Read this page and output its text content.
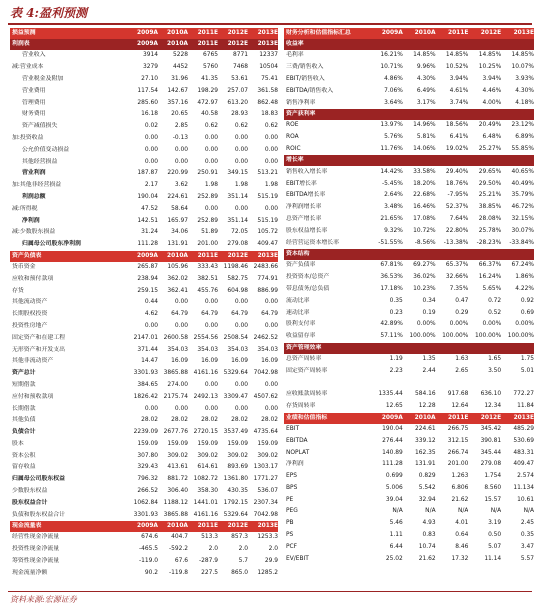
表 4:盈利预测
损益预测	2009A	2010A	2011E	2012E	2013E
利润表	2009A	2010A	2011E	2012E	2013E
营业收入	3914	5228	6765	8771	12337
减:营业成本	3279	4452	5760	7468	10504
营业税金及附加	27.10	31.96	41.35	53.61	75.41
营业费用	117.54	142.67	198.29	257.07	361.58
管理费用	285.60	357.16	472.97	613.20	862.48
财务费用	16.18	20.65	40.58	28.93	18.83
资产减值损失	0.02	2.85	0.62	0.62	0.62
加:投资收益	0.00	-0.13	0.00	0.00	0.00
公允价值变动损益	0.00	0.00	0.00	0.00	0.00
其他经营损益	0.00	0.00	0.00	0.00	0.00
营业利润	187.87	220.99	250.91	349.15	513.21
加:其他非经营损益	2.17	3.62	1.98	1.98	1.98
利润总额	190.04	224.61	252.89	351.14	515.19
减:所得税	47.52	58.64	0.00	0.00	0.00
净利润	142.51	165.97	252.89	351.14	515.19
减:少数股东损益	31.24	34.06	51.89	72.05	105.72
归属母公司股东净利润	111.28	131.91	201.00	279.08	409.47
资产负债表	2009A	2010A	2011E	2012E	2013E
货币资金	265.87	105.96	333.43	1198.46	2483.66
应收和预付款项	238.94	362.02	382.51	582.75	774.91
存货	259.15	362.41	455.76	604.98	886.99
其他流动资产	0.44	0.00	0.00	0.00	0.00
长期股权投资	4.62	64.79	64.79	64.79	64.79
投资性房地产	0.00	0.00	0.00	0.00	0.00
固定资产和在建工程	2147.01	2600.58	2554.56	2508.54	2462.52
无形资产和开发支出	371.44	354.03	354.03	354.03	354.03
其他非流动资产	14.47	16.09	16.09	16.09	16.09
资产总计	3301.93	3865.88	4161.16	5329.64	7042.98
短期借款	384.65	274.00	0.00	0.00	0.00
应付和预收款项	1826.42	2175.74	2492.13	3309.47	4507.62
长期借款	0.00	0.00	0.00	0.00	0.00
其他负债	28.02	28.02	28.02	28.02	28.02
负债合计	2239.09	2677.76	2720.15	3537.49	4735.64
股本	159.09	159.09	159.09	159.09	159.09
资本公积	307.80	309.02	309.02	309.02	309.02
留存收益	329.43	413.61	614.61	893.69	1303.17
归属母公司股东权益	796.32	881.72	1082.72	1361.80	1771.27
少数股东权益	266.52	306.40	358.30	430.35	536.07
股东权益合计	1062.84	1188.12	1441.01	1792.15	2307.34
负债和股东权益合计	3301.93	3865.88	4161.16	5329.64	7042.98
现金流量表	2009A	2010A	2011E	2012E	2013E
经营性现金净流量	674.6	404.7	513.3	857.3	1253.3
投资性现金净流量	-465.5	-592.2	2.0	2.0	2.0
筹资性现金净流量	-119.0	67.6	-287.9	5.7	29.9
现金流量净额	90.2	-119.8	227.5	865.0	1285.2
财务分析和估值指标汇总	2009A	2010A	2011E	2012E	2013E
收益率					
毛利率	16.21%	14.85%	14.85%	14.85%	14.85%
三费/销售收入	10.71%	9.96%	10.52%	10.25%	10.07%
EBIT/销售收入	4.86%	4.30%	3.94%	3.94%	3.93%
EBITDA/销售收入	7.06%	6.49%	4.61%	4.46%	4.30%
销售净利率	3.64%	3.17%	3.74%	4.00%	4.18%
资产获利率					
ROE	13.97%	14.96%	18.56%	20.49%	23.12%
ROA	5.76%	5.81%	6.41%	6.48%	6.89%
ROIC	11.76%	14.06%	19.02%	25.27%	55.85%
增长率					
销售收入增长率	14.42%	33.58%	29.40%	29.65%	40.65%
EBIT增长率	-5.45%	18.20%	18.76%	29.50%	40.49%
EBITDA增长率	2.64%	22.68%	-7.95%	25.21%	35.79%
净利润增长率	3.48%	16.46%	52.37%	38.85%	46.72%
总资产增长率	21.65%	17.08%	7.64%	28.08%	32.15%
股东权益增长率	9.32%	10.72%	22.80%	25.78%	30.07%
经营营运资本增长率	-51.55%	-8.56%	-13.38%	-28.23%	-33.84%
资本结构					
资产负债率	67.81%	69.27%	65.37%	66.37%	67.24%
投资资本/总资产	36.53%	36.02%	32.66%	16.24%	1.86%
带息债务/总负债	17.18%	10.23%	7.35%	5.65%	4.22%
流动比率	0.35	0.34	0.47	0.72	0.92
速动比率	0.23	0.19	0.29	0.52	0.69
股利支付率	42.89%	0.00%	0.00%	0.00%	0.00%
收益留存率	57.11%	100.00%	100.00%	100.00%	100.00%
资产管理效率					
总资产周转率	1.19	1.35	1.63	1.65	1.75
固定资产周转率	2.23	2.44	2.65	3.50	5.01

应收账款周转率	1335.44	584.16	917.68	636.10	772.27
存货周转率	12.65	12.28	12.64	12.34	11.84
业绩和估值指标	2009A	2010A	2011E	2012E	2013E
EBIT	190.04	224.61	266.75	345.42	485.29
EBITDA	276.44	339.12	312.15	390.81	530.69
NOPLAT	140.89	162.35	266.74	345.44	483.31
净利润	111.28	131.91	201.00	279.08	409.47
EPS	0.699	0.829	1.263	1.754	2.574
BPS	5.006	5.542	6.806	8.560	11.134
PE	39.04	32.94	21.62	15.57	10.61
PEG	N/A	N/A	N/A	N/A	N/A
PB	5.46	4.93	4.01	3.19	2.45
PS	1.11	0.83	0.64	0.50	0.35
PCF	6.44	10.74	8.46	5.07	3.47
EV/EBIT	25.02	21.62	17.32	11.14	5.57
资料来源:宏源证券
